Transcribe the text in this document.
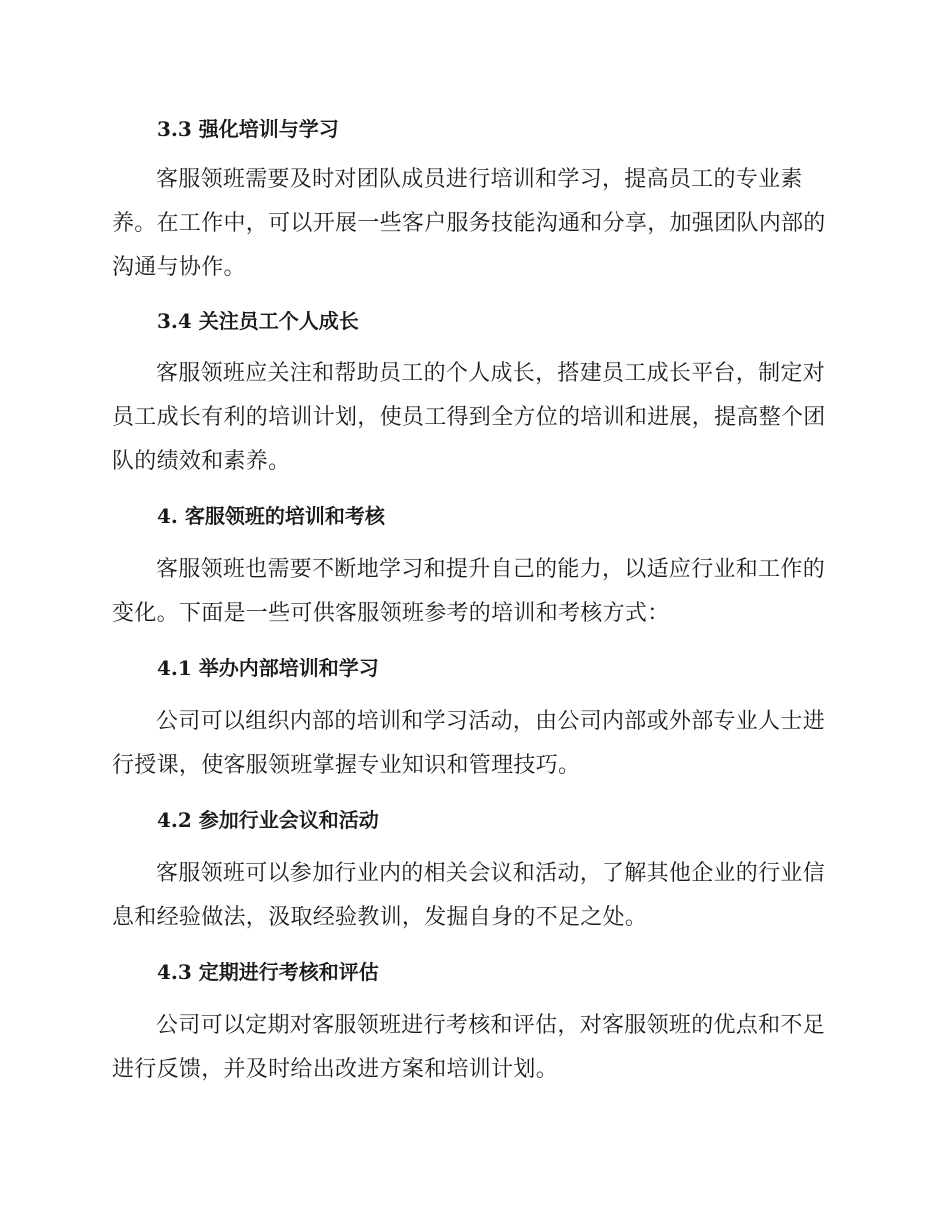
3.3 强化培训与学习

客服领班需要及时对团队成员进行培训和学习，提高员工的专业素养。在工作中，可以开展一些客户服务技能沟通和分享，加强团队内部的沟通与协作。

3.4 关注员工个人成长

客服领班应关注和帮助员工的个人成长，搭建员工成长平台，制定对员工成长有利的培训计划，使员工得到全方位的培训和进展，提高整个团队的绩效和素养。

4. 客服领班的培训和考核

客服领班也需要不断地学习和提升自己的能力，以适应行业和工作的变化。下面是一些可供客服领班参考的培训和考核方式：

4.1 举办内部培训和学习

公司可以组织内部的培训和学习活动，由公司内部或外部专业人士进行授课，使客服领班掌握专业知识和管理技巧。

4.2 参加行业会议和活动

客服领班可以参加行业内的相关会议和活动，了解其他企业的行业信息和经验做法，汲取经验教训，发掘自身的不足之处。

4.3 定期进行考核和评估

公司可以定期对客服领班进行考核和评估，对客服领班的优点和不足进行反馈，并及时给出改进方案和培训计划。
